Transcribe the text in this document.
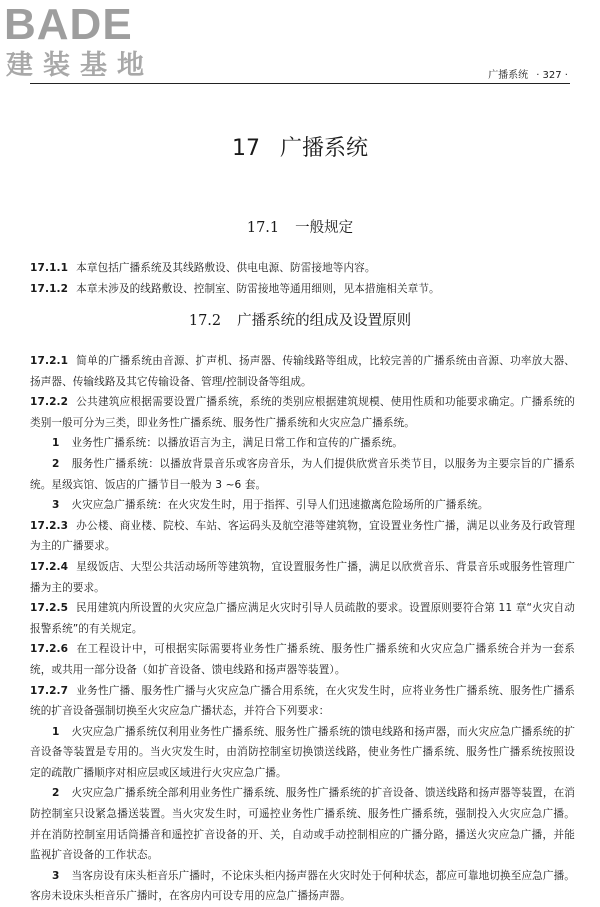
BADE
建装基地	广播系统 · 327 ·
17 广播系统
17.1 一般规定

17.1.1 本章包括广播系统及其线路敷设、供电电源、防雷接地等内容。

17.1.2 本章未涉及的线路敷设、控制室、防雷接地等通用细则，见本措施相关章节。

17.2 广播系统的组成及设置原则

17.2.1 简单的广播系统由音源、扩声机、扬声器、传输线路等组成，比较完善的广播系统由音源、功率放大器、扬声器、传输线路及其它传输设备、管理/控制设备等组成。

17.2.2 公共建筑应根据需要设置广播系统，系统的类别应根据建筑规模、使用性质和功能要求确定。广播系统的类别一般可分为三类，即业务性广播系统、服务性广播系统和火灾应急广播系统。

1 业务性广播系统：以播放语言为主，满足日常工作和宣传的广播系统。

2 服务性广播系统：以播放背景音乐或客房音乐，为人们提供欣赏音乐类节目，以服务为主要宗旨的广播系统。星级宾馆、饭店的广播节目一般为 3 ~6 套。

3 火灾应急广播系统：在火灾发生时，用于指挥、引导人们迅速撤离危险场所的广播系统。

17.2.3 办公楼、商业楼、院校、车站、客运码头及航空港等建筑物，宜设置业务性广播，满足以业务及行政管理为主的广播要求。

17.2.4 星级饭店、大型公共活动场所等建筑物，宜设置服务性广播，满足以欣赏音乐、背景音乐或服务性管理广播为主的要求。

17.2.5 民用建筑内所设置的火灾应急广播应满足火灾时引导人员疏散的要求。设置原则要符合第 11 章“火灾自动报警系统”的有关规定。

17.2.6 在工程设计中，可根据实际需要将业务性广播系统、服务性广播系统和火灾应急广播系统合并为一套系统，或共用一部分设备（如扩音设备、馈电线路和扬声器等装置）。

17.2.7 业务性广播、服务性广播与火灾应急广播合用系统，在火灾发生时，应将业务性广播系统、服务性广播系统的扩音设备强制切换至火灾应急广播状态，并符合下列要求：

1 火灾应急广播系统仅利用业务性广播系统、服务性广播系统的馈电线路和扬声器，而火灾应急广播系统的扩音设备等装置是专用的。当火灾发生时，由消防控制室切换馈送线路，使业务性广播系统、服务性广播系统按照设定的疏散广播顺序对相应层或区域进行火灾应急广播。

2 火灾应急广播系统全部利用业务性广播系统、服务性广播系统的扩音设备、馈送线路和扬声器等装置，在消防控制室只设紧急播送装置。当火灾发生时，可遥控业务性广播系统、服务性广播系统，强制投入火灾应急广播。并在消防控制室用话筒播音和遥控扩音设备的开、关，自动或手动控制相应的广播分路，播送火灾应急广播，并能监视扩音设备的工作状态。

3 当客房设有床头柜音乐广播时，不论床头柜内扬声器在火灾时处于何种状态，都应可靠地切换至应急广播。客房未设床头柜音乐广播时，在客房内可设专用的应急广播扬声器。
